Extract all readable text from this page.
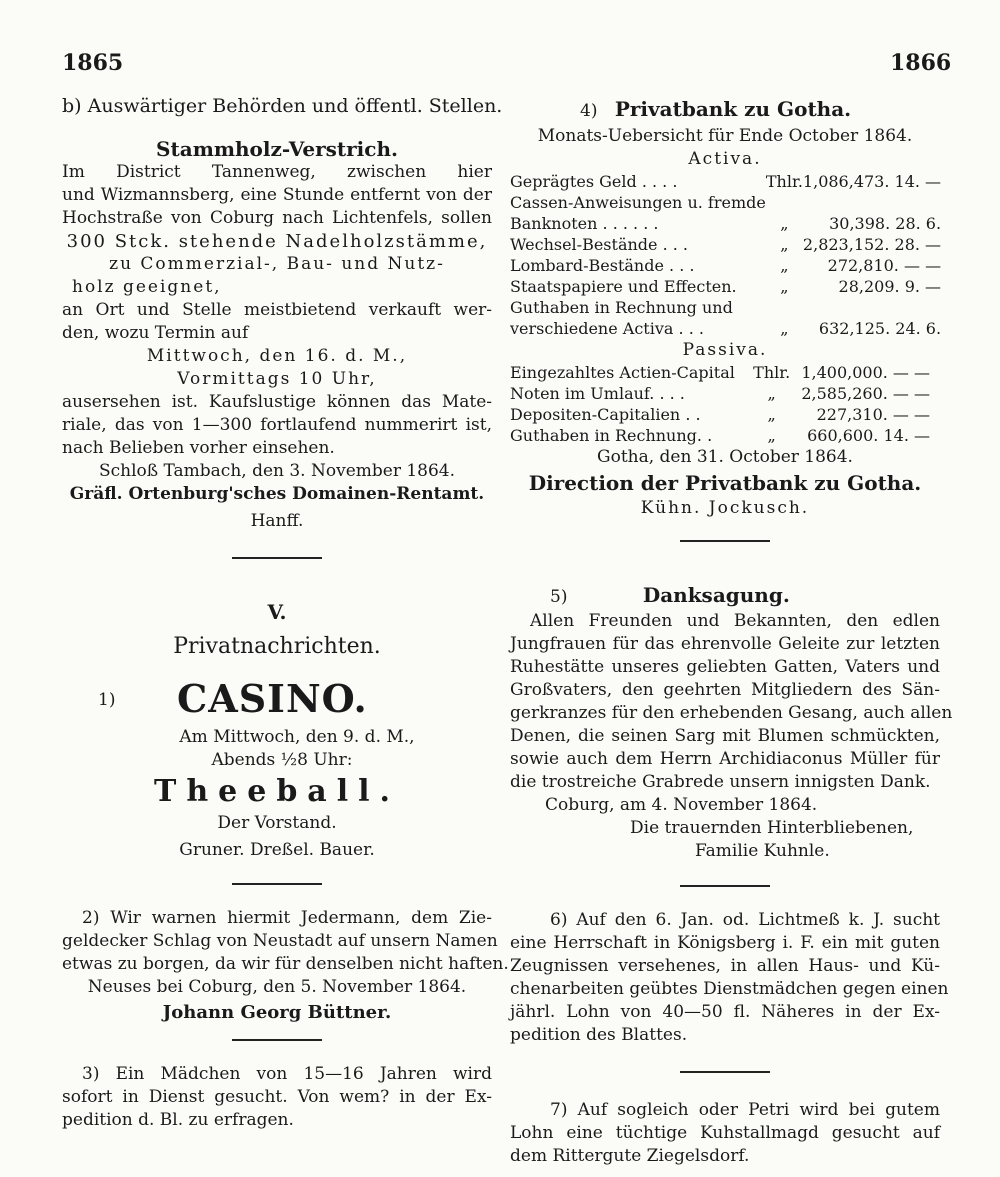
1865	1866
b) Auswärtiger Behörden und öffentl. Stellen.
Stammholz-Verstrich.
Im District Tannenweg, zwischen hier
und Wizmannsberg, eine Stunde entfernt von der
Hochstraße von Coburg nach Lichtenfels, sollen
300 Stck. stehende Nadelholzstämme,
zu Commerzial-, Bau- und Nutz-
holz geeignet,
an Ort und Stelle meistbietend verkauft wer-
den, wozu Termin auf
Mittwoch, den 16. d. M.,
Vormittags 10 Uhr,
ausersehen ist. Kaufslustige können das Mate-
riale, das von 1—300 fortlaufend nummerirt ist,
nach Belieben vorher einsehen.
Schloß Tambach, den 3. November 1864.
Gräfl. Ortenburg'sches Domainen-Rentamt.
Hanff.
V.
Privatnachrichten.
1) CASINO.
Am Mittwoch, den 9. d. M.,
Abends ½8 Uhr:
Theeball.
Der Vorstand.
Gruner. Dreßel. Bauer.
2) Wir warnen hiermit Jedermann, dem Zie-
geldecker Schlag von Neustadt auf unsern Namen
etwas zu borgen, da wir für denselben nicht haften.
Neuses bei Coburg, den 5. November 1864.
Johann Georg Büttner.
3) Ein Mädchen von 15—16 Jahren wird
sofort in Dienst gesucht. Von wem? in der Ex-
pedition d. Bl. zu erfragen.
4) Privatbank zu Gotha.
Monats-Uebersicht für Ende October 1864.
Activa.
Geprägtes Geld . . . .	Thlr.	1,086,473. 14. —
Cassen-Anweisungen u. fremde		
Banknoten . . . . . .	„	30,398. 28. 6.
Wechsel-Bestände . . .	„	2,823,152. 28. —
Lombard-Bestände . . .	„	272,810. — —
Staatspapiere und Effecten.	„	28,209. 9. —
Guthaben in Rechnung und		
verschiedene Activa . . .	„	632,125. 24. 6.
Passiva.
Eingezahltes Actien-Capital	Thlr.	1,400,000. — —
Noten im Umlauf. . . .	„	2,585,260. — —
Depositen-Capitalien . .	„	227,310. — —
Guthaben in Rechnung. .	„	660,600. 14. —
Gotha, den 31. October 1864.
Direction der Privatbank zu Gotha.
Kühn. Jockusch.
5)	Danksagung.
Allen Freunden und Bekannten, den edlen
Jungfrauen für das ehrenvolle Geleite zur letzten
Ruhestätte unseres geliebten Gatten, Vaters und
Großvaters, den geehrten Mitgliedern des Sän-
gerkranzes für den erhebenden Gesang, auch allen
Denen, die seinen Sarg mit Blumen schmückten,
sowie auch dem Herrn Archidiaconus Müller für
die trostreiche Grabrede unsern innigsten Dank.
Coburg, am 4. November 1864.
Die trauernden Hinterbliebenen,
Familie Kuhnle.
6) Auf den 6. Jan. od. Lichtmeß k. J. sucht
eine Herrschaft in Königsberg i. F. ein mit guten
Zeugnissen versehenes, in allen Haus- und Kü-
chenarbeiten geübtes Dienstmädchen gegen einen
jährl. Lohn von 40—50 fl. Näheres in der Ex-
pedition des Blattes.
7) Auf sogleich oder Petri wird bei gutem
Lohn eine tüchtige Kuhstallmagd gesucht auf
dem Rittergute Ziegelsdorf.
